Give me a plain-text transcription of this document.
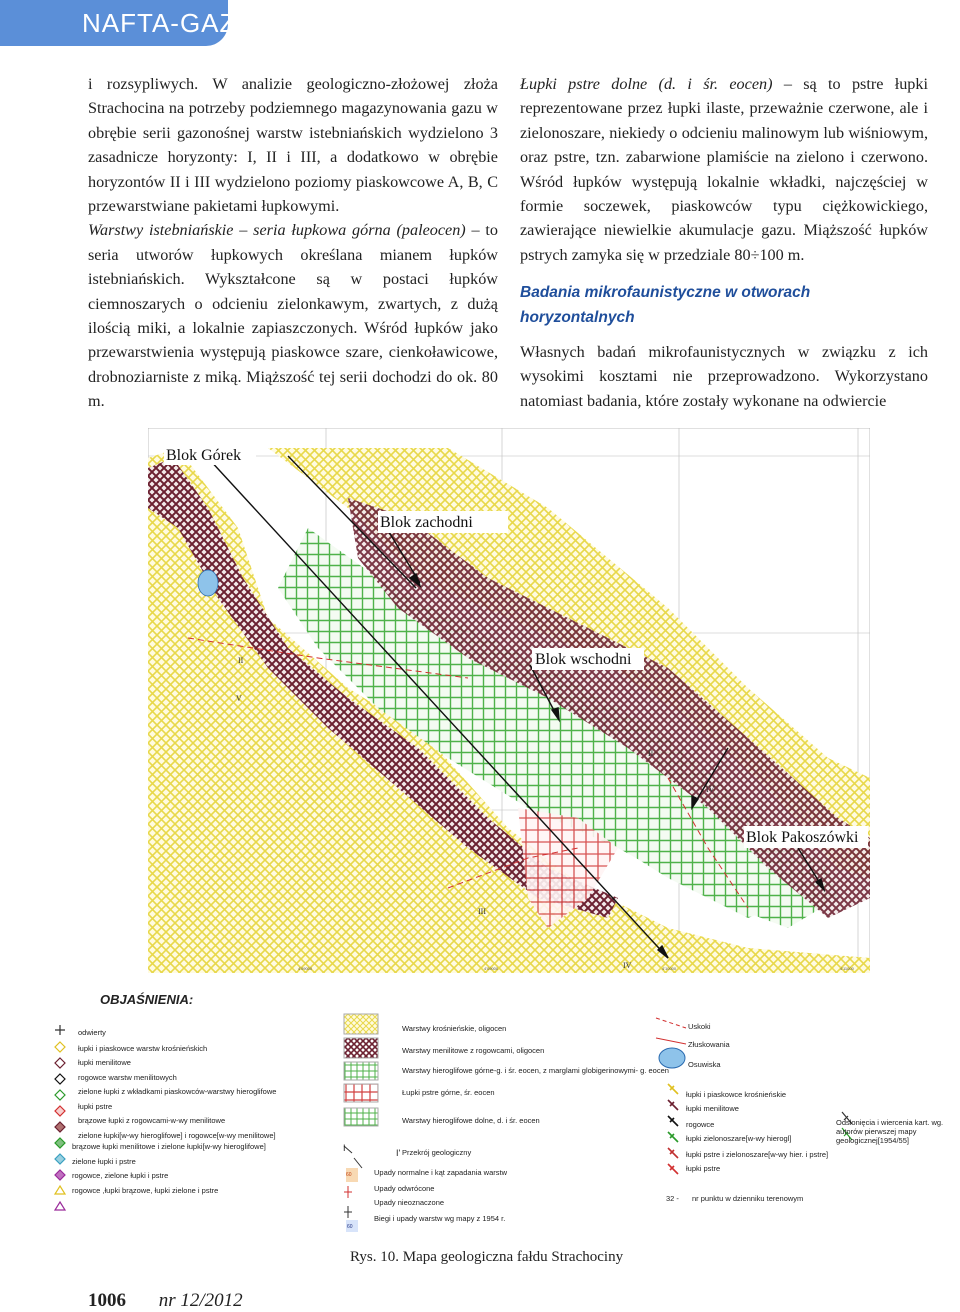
NAFTA-GAZ

i rozsypliwych. W analizie geologiczno-złożowej złoża Strachocina na potrzeby podziemnego magazynowania gazu w obrębie serii gazonośnej warstw istebniańskich wydzielono 3 zasadnicze horyzonty: I, II i III, a dodatkowo w obrębie horyzontów II i III wydzielono poziomy piaskowcowe A, B, C przewarstwiane pakietami łupkowymi.

Warstwy istebniańskie – seria łupkowa górna (paleocen) – to seria utworów łupkowych określana mianem łupków istebniańskich. Wykształcone są w postaci łupków ciemnoszarych o odcieniu zielonkawym, zwartych, z dużą ilością miki, a lokalnie zapiaszczonych. Wśród łupków jako przewarstwienia występują piaskowce szare, cienkoławicowe, drobnoziarniste z miką. Miąższość tej serii dochodzi do ok. 80 m.

Łupki pstre dolne (d. i śr. eocen) – są to pstre łupki reprezentowane przez łupki ilaste, przeważnie czerwone, ale i zielonoszare, niekiedy o odcieniu malinowym lub wiśniowym, oraz pstre, tzn. zabarwione plamiście na zielono i czerwono. Wśród łupków występują lokalnie wkładki, najczęściej w formie soczewek, piaskowców typu ciężkowickiego, zawierające niewielkie akumulacje gazu. Miąższość łupków pstrych zamyka się w przedziale 80÷100 m.

Badania mikrofaunistyczne w otworach horyzontalnych

Własnych badań mikrofaunistycznych w związku z ich wysokimi kosztami nie przeprowadzono. Wykorzystano natomiast badania, które zostały wykonane na odwiercie

Blok Górek
Blok zachodni
Blok wschodni
Blok Pakoszówki
V
I
III
IV
II
IV
II
4'09000	4'09000	4'10000	4'11000
OBJAŚNIENIA:
odwierty
łupki i piaskowce warstw krośnieńskich
łupki menilitowe
rogowce warstw menilitowych
zielone łupki z wkładkami piaskowców-warstwy hieroglifowe
łupki pstre
brązowe łupki z rogowcami-w-wy menilitowe
zielone łupki[w-wy hieroglifowe] i rogowce[w-wy menilitowe]
brązowe łupki menilitowe i zielone łupki[w-wy hieroglifowe]
zielone łupki i pstre
rogowce, zielone łupki i pstre
rogowce ,łupki brązowe, łupki zielone i pstre
60
60
I	I'
Warstwy krośnieńskie, oligocen
Warstwy menilitowe z rogowcami, oligocen
Warstwy hieroglifowe górne-g. i śr. eocen, z marglami globigerinowymi- g. eocen
Łupki pstre górne, śr. eocen
Warstwy hieroglifowe dolne, d. i śr. eocen
Przekrój geologiczny
Upady normalne i kąt zapadania warstw
Upady odwrócone
Upady nieoznaczone
Biegi i upady warstw wg mapy z 1954 r.
Uskoki
Złuskowania
Osuwiska
łupki i piaskowce krośnieńskie
łupki menilitowe
rogowce
łupki zielonoszare[w-wy hierogl]
łupki pstre i zielonoszare[w-wy hier. i pstre]
łupki pstre
32 - nr punktu w dzienniku terenowym
Odsłonięcia i wiercenia kart. wg. autorów pierwszej mapy geologicznej[1954/55]
Rys. 10. Mapa geologiczna fałdu Strachociny
1006 nr 12/2012
